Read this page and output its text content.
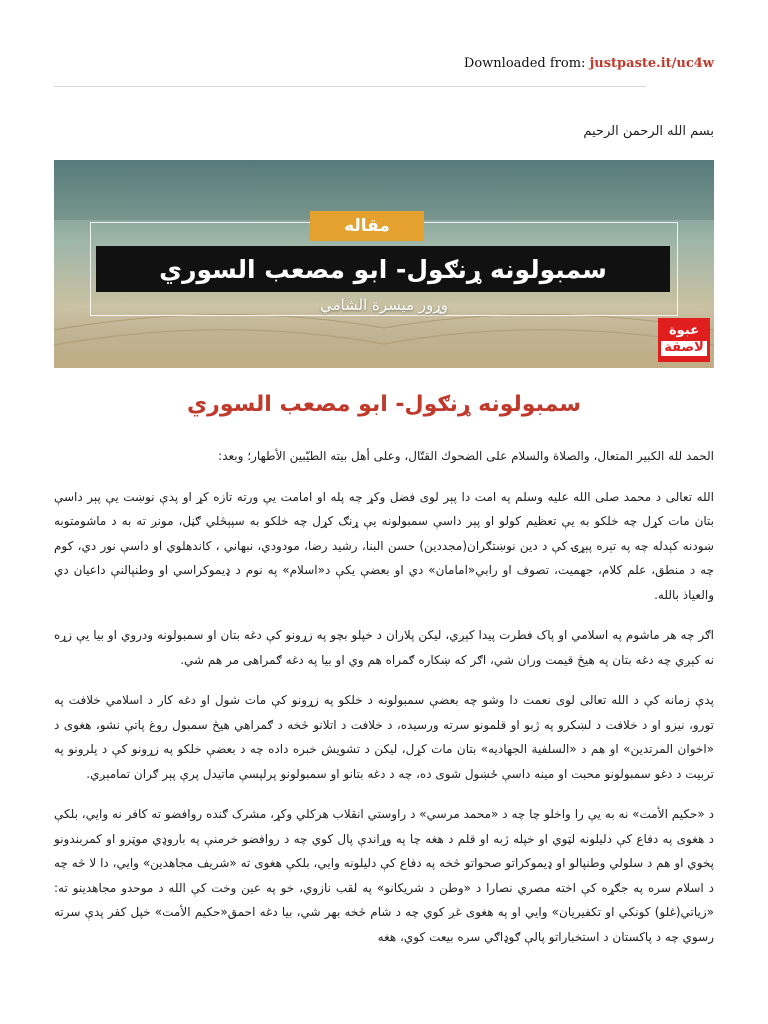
Downloaded from: justpaste.it/uc4w
بسم الله الرحمن الرحيم
مقاله
سمبولونه ړنګول- ابو مصعب السوري
وړور میسرة الشامي
عبوة
لاصقة
سمبولونه ړنګول- ابو مصعب السوري

الحمد لله الكبير المتعال، والصلاة والسلام على الضحوك القتّال، وعلى أهل بيته الطيّبين الأطهار؛ وبعد:

الله تعالى د محمد صلى الله عليه وسلم په امت دا پېر لوی فضل وکړ چه پله او امامت یې ورته تازه کړ او پدې نوښت یې پېر داسې بتان مات کړل چه خلکو به یې تعظیم کولو او پېر داسې سمبولونه یې ړنګ کړل چه خلکو به سپېڅلي ګڼل، مونږ ته به د ماشومتوبه ښودنه کېدله چه په تېره پېړۍ کې د دین نوښتګران(مجددین) حسن البنا، رشید رضا، مودودي، نبهاني ، کاندهلوي او داسې نور دي، کوم چه د منطق، علم کلام، جهمیت، تصوف او رابي«امامان» دي او بعضې يكې د«اسلام» په نوم د ډیموکراسي او وطنپالنې داعیان دي والعیاذ بالله.

اګر چه هر ماشوم په اسلامي او پاک فطرت پیدا کېږي، لیکن پلاران د خپلو بچو په زړونو کې دغه بتان او سمبولونه ودروي او بیا یې زړه نه کېږي چه دغه بتان په هیڅ قیمت وران شي، اګر که ښکاره ګمراه هم وي او بیا په دغه ګمراهی مر هم شي.

پدې زمانه کې د الله تعالی لوی نعمت دا وشو چه بعضې سمبولونه د خلکو په زړونو کې مات شول او دغه کار د اسلامي خلافت په تورو، نیزو او د خلافت د لښکرو په ژبو او قلمونو سرته ورسیده، د خلافت د اتلانو څخه د ګمراهي هیڅ سمبول روغ پاتې نشو، هغوی د «اخوان المرتدین» او هم د «السلفیة الجهادیه» بتان مات کړل، لیکن د تشویش خبره داده چه د بعضې خلکو په زړونو کې د پلرونو په تربیت د دغو سمبولونو محبت او مینه داسې ځښول شوی ده، چه د دغه بتانو او سمبولونو پرلپسې ماتیدل پرې پېر ګران تمامېږي.

د «حکیم الأمت» نه به یې را واخلو چا چه د «محمد مرسي» د راوستي انقلاب هرکلي وکړ، مشرک ګنده روافضو ته کافر نه وايي، بلکې د هغوی په دفاع کې دلیلونه لټوي او خپله ژبه او قلم د هغه چا په وړاندې پال کوي چه د روافضو خرمنې په باروډي موټرو او کمربندونو پخوي او هم د سلولي وطنپالو او ډیموکراتو صحواتو څخه په دفاع کې دلیلونه وايي، بلکې هغوی ته «شریف مجاهدین» وايي، دا لا څه چه د اسلام سره په جګړه کې اخته مصري نصارا د «وطن د شریکانو» په لقب نازوي، خو په عین وخت کې الله د موحدو مجاهدینو ته: «زیاتي(غلو) کونکي او تکفیریان» وايي او په هغوی غږ کوي چه د شام څخه بهر شي، بیا دغه احمق«حکیم الأمت» خپل کفر پدې سرته رسوي چه د پاکستان د استخباراتو پالې ګوډاګي سره بیعت کوي، هغه
